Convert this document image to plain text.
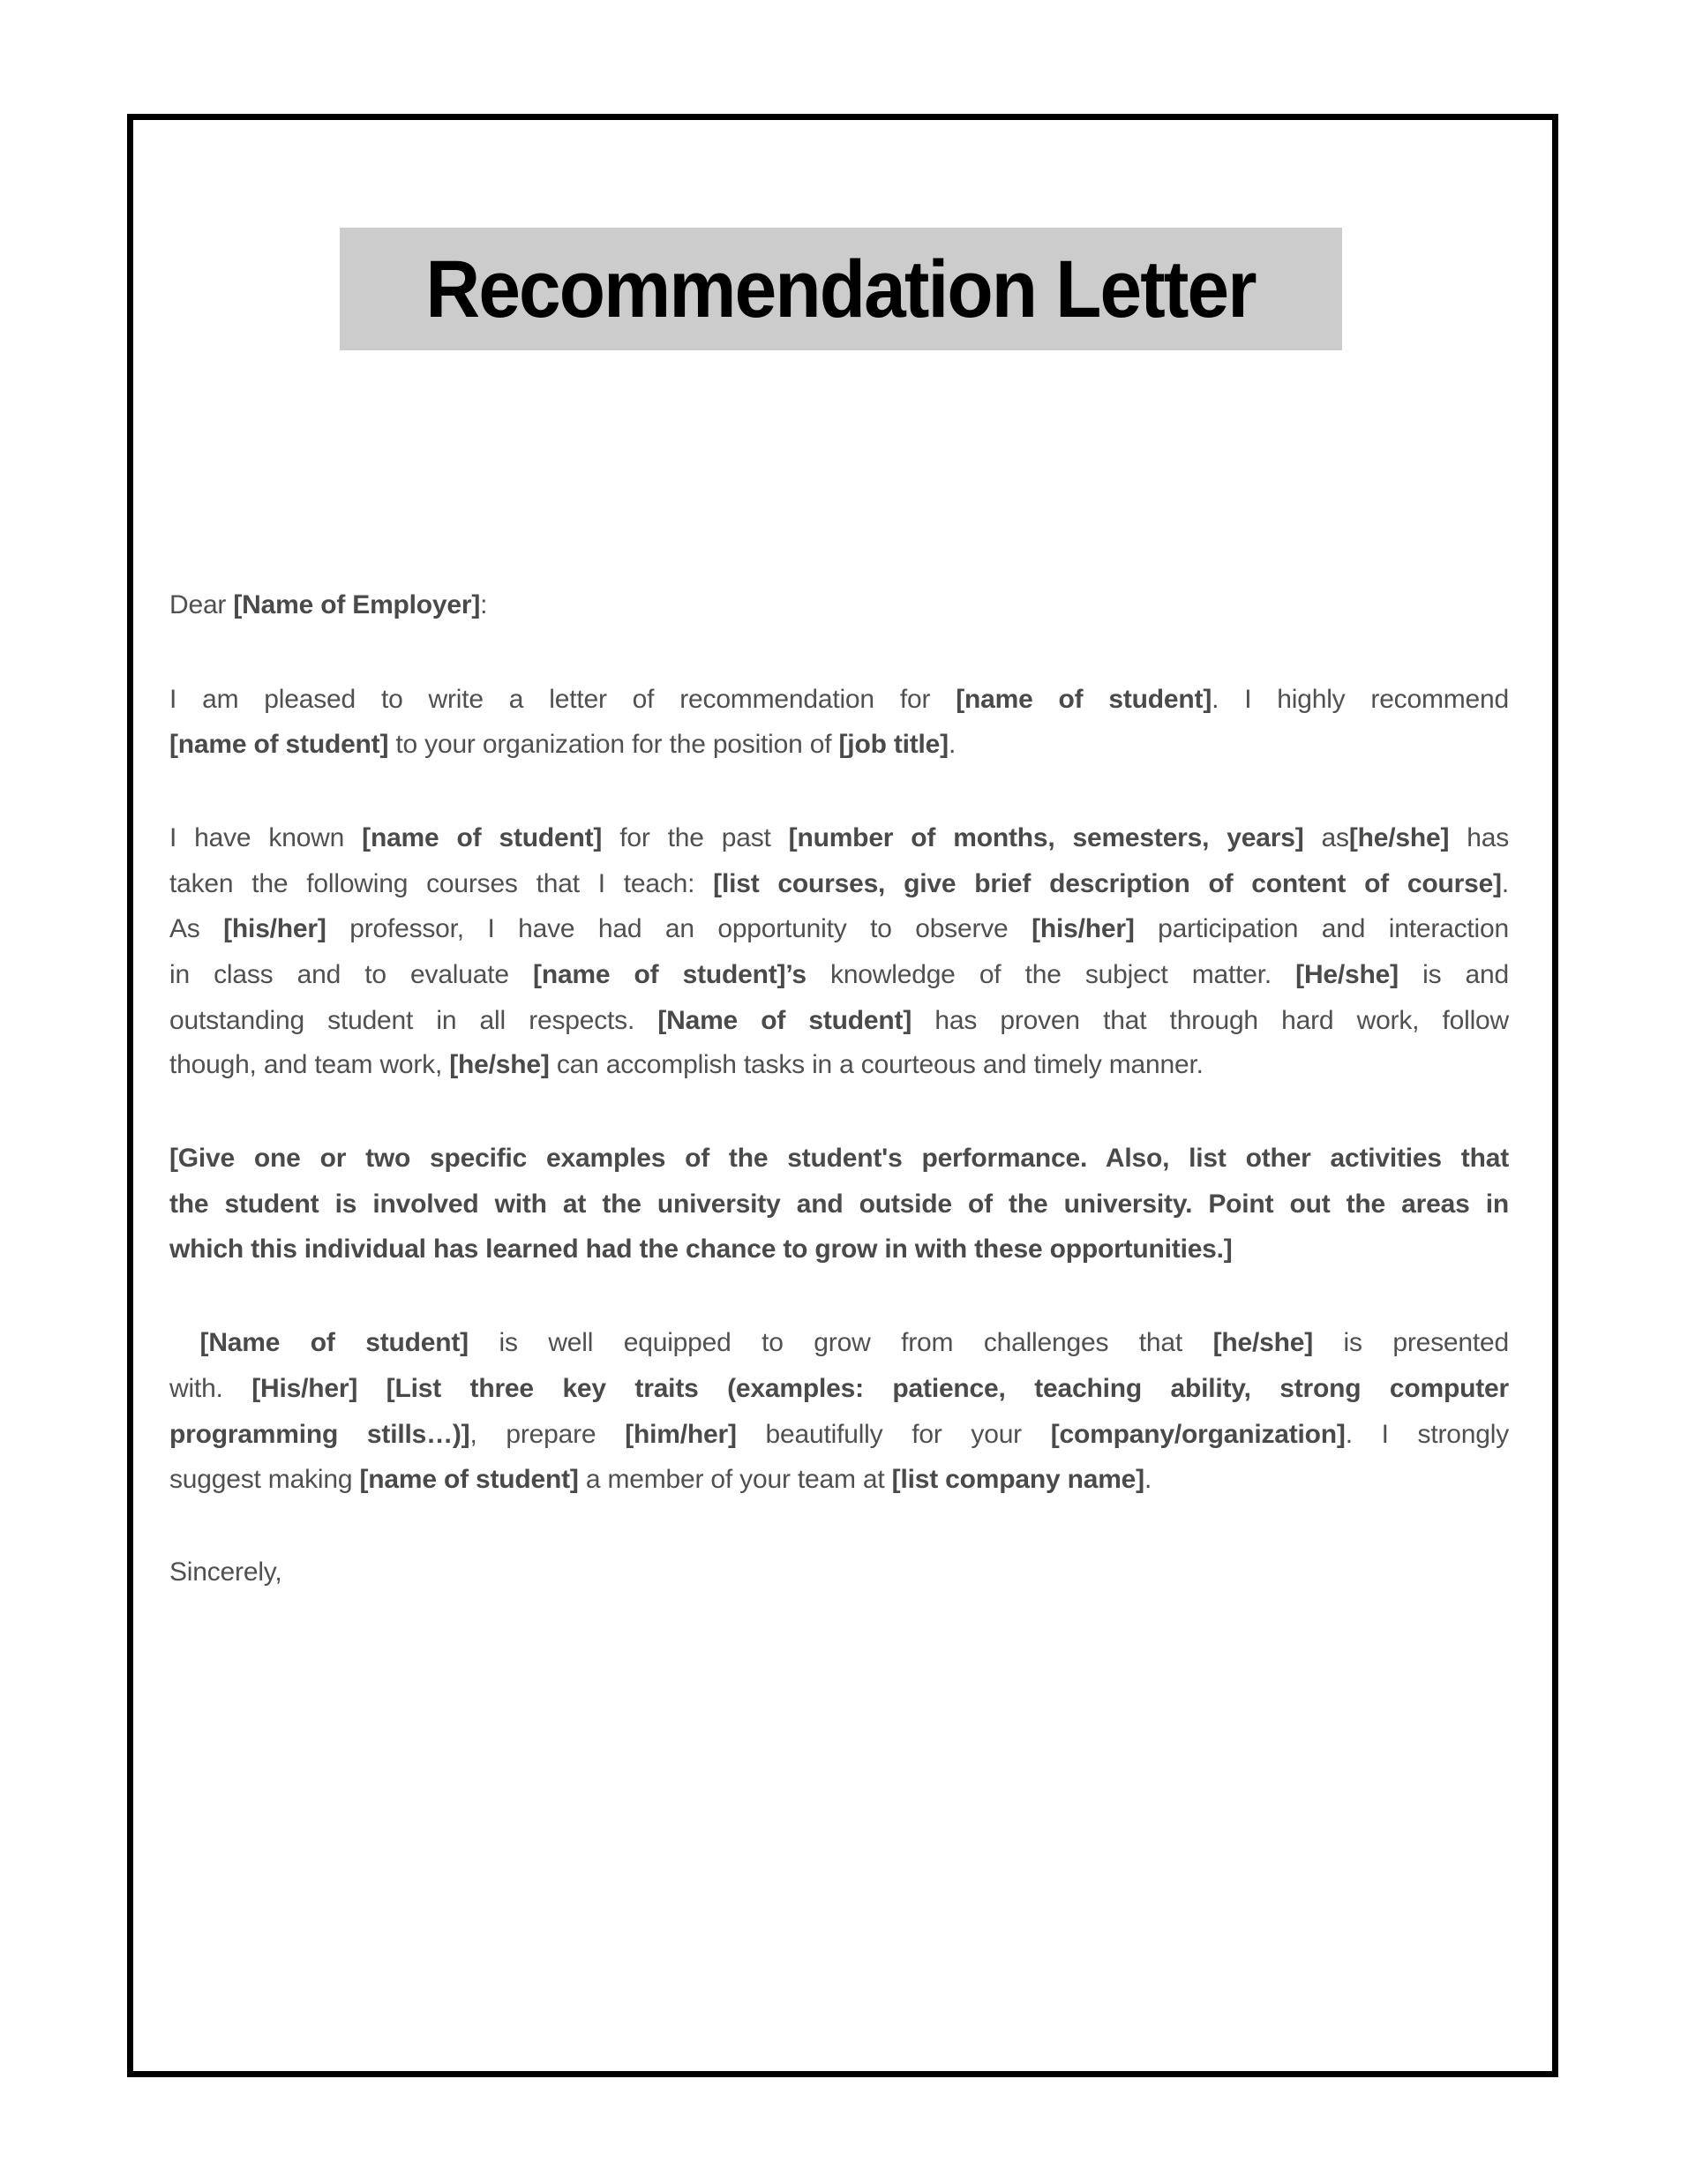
Recommendation Letter
Dear [Name of Employer]:
I am pleased to write a letter of recommendation for [name of student]. I highly recommend
[name of student] to your organization for the position of [job title].
I have known [name of student] for the past [number of months, semesters, years] as[he/she] has
taken the following courses that I teach: [list courses, give brief description of content of course].
As [his/her] professor, I have had an opportunity to observe [his/her] participation and interaction
in class and to evaluate [name of student]’s knowledge of the subject matter. [He/she] is and
outstanding student in all respects. [Name of student] has proven that through hard work, follow
though, and team work, [he/she] can accomplish tasks in a courteous and timely manner.
[Give one or two specific examples of the student's performance. Also, list other activities that
the student is involved with at the university and outside of the university. Point out the areas in
which this individual has learned had the chance to grow in with these opportunities.]
[Name of student] is well equipped to grow from challenges that [he/she] is presented
with. [His/her] [List three key traits (examples: patience, teaching ability, strong computer
programming stills…)], prepare [him/her] beautifully for your [company/organization]. I strongly
suggest making [name of student] a member of your team at [list company name].
Sincerely,
